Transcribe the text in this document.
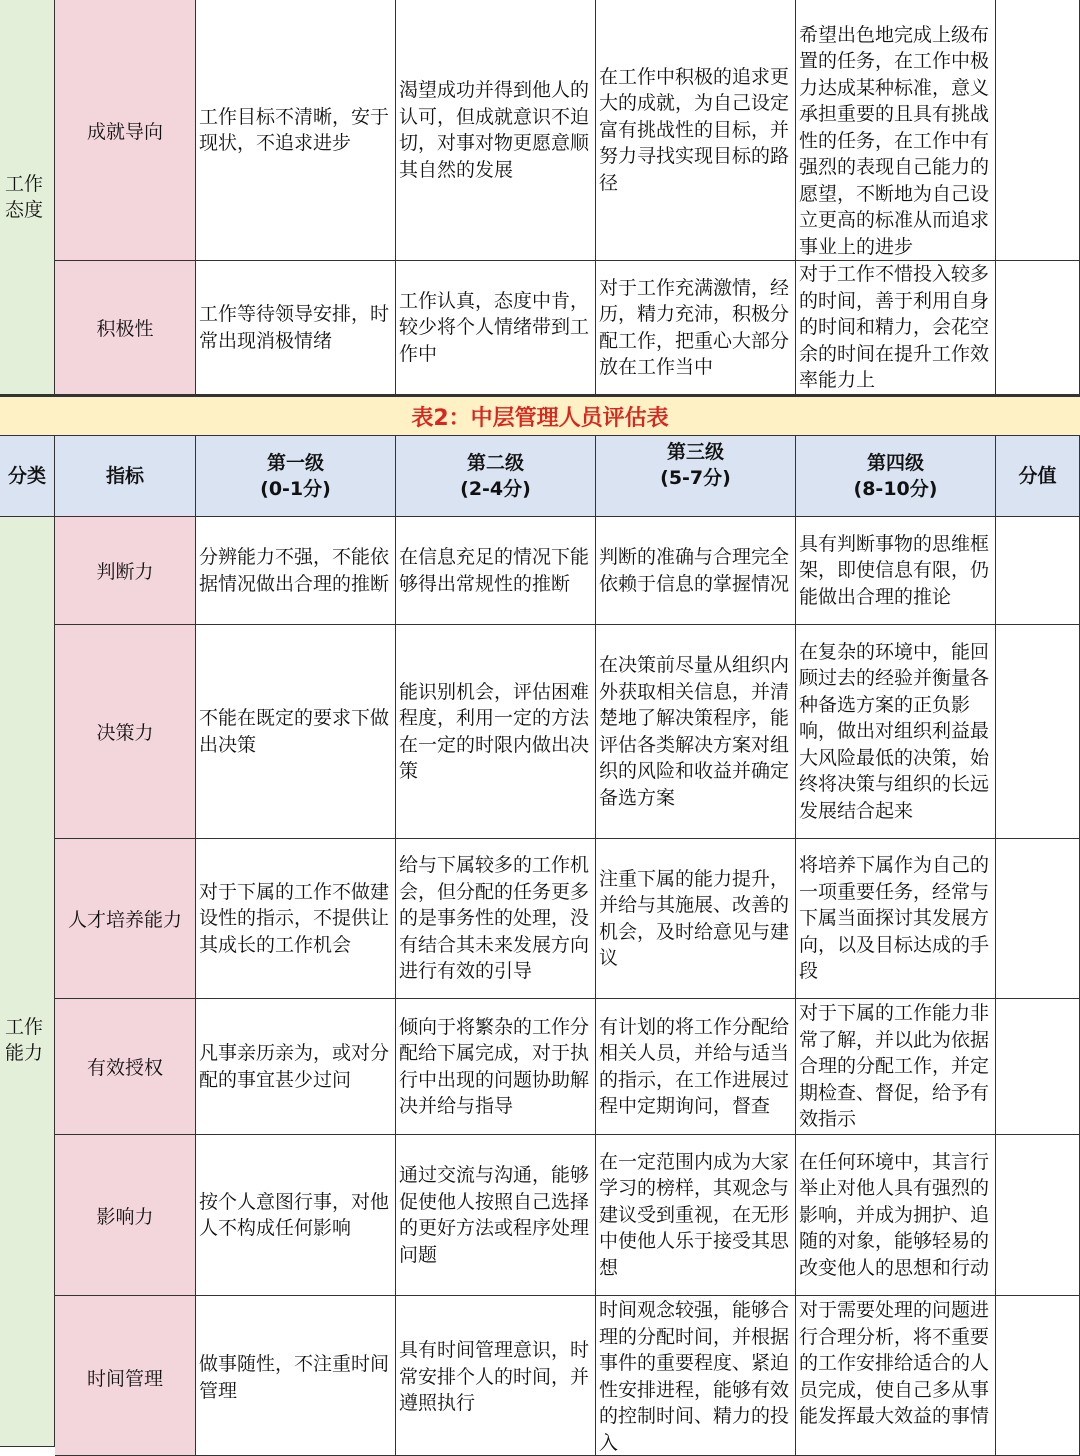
工作态度
成就导向
工作目标不清晰，安于现状，不追求进步
渴望成功并得到他人的认可，但成就意识不迫切，对事对物更愿意顺其自然的发展
在工作中积极的追求更大的成就，为自己设定富有挑战性的目标，并努力寻找实现目标的路径
希望出色地完成上级布置的任务，在工作中极力达成某种标准，意义承担重要的且具有挑战性的任务，在工作中有强烈的表现自己能力的愿望，不断地为自己设立更高的标准从而追求事业上的进步
积极性
工作等待领导安排，时常出现消极情绪
工作认真，态度中肯，较少将个人情绪带到工作中
对于工作充满激情，经历，精力充沛，积极分配工作，把重心大部分放在工作当中
对于工作不惜投入较多的时间，善于利用自身的时间和精力，会花空余的时间在提升工作效率能力上
表2：中层管理人员评估表
分类	指标
第一级
(0-1分)
第二级
(2-4分)
第三级
(5-7分)
第四级
(8-10分)
分值
工作能力
判断力
分辨能力不强，不能依据情况做出合理的推断
在信息充足的情况下能够得出常规性的推断
判断的准确与合理完全依赖于信息的掌握情况
具有判断事物的思维框架，即使信息有限，仍能做出合理的推论
决策力
不能在既定的要求下做出决策
能识别机会，评估困难程度，利用一定的方法在一定的时限内做出决策
在决策前尽量从组织内外获取相关信息，并清楚地了解决策程序，能评估各类解决方案对组织的风险和收益并确定备选方案
在复杂的环境中，能回顾过去的经验并衡量各种备选方案的正负影响，做出对组织利益最大风险最低的决策，始终将决策与组织的长远发展结合起来
人才培养能力
对于下属的工作不做建设性的指示，不提供让其成长的工作机会
给与下属较多的工作机会，但分配的任务更多的是事务性的处理，没有结合其未来发展方向进行有效的引导
注重下属的能力提升，并给与其施展、改善的机会，及时给意见与建议
将培养下属作为自己的一项重要任务，经常与下属当面探讨其发展方向，以及目标达成的手段
有效授权
凡事亲历亲为，或对分配的事宜甚少过问
倾向于将繁杂的工作分配给下属完成，对于执行中出现的问题协助解决并给与指导
有计划的将工作分配给相关人员，并给与适当的指示，在工作进展过程中定期询问，督查
对于下属的工作能力非常了解，并以此为依据合理的分配工作，并定期检查、督促，给予有效指示
影响力
按个人意图行事，对他人不构成任何影响
通过交流与沟通，能够促使他人按照自己选择的更好方法或程序处理问题
在一定范围内成为大家学习的榜样，其观念与建议受到重视，在无形中使他人乐于接受其思想
在任何环境中，其言行举止对他人具有强烈的影响，并成为拥护、追随的对象，能够轻易的改变他人的思想和行动
时间管理
做事随性，不注重时间管理
具有时间管理意识，时常安排个人的时间，并遵照执行
时间观念较强，能够合理的分配时间，并根据事件的重要程度、紧迫性安排进程，能够有效的控制时间、精力的投入
对于需要处理的问题进行合理分析，将不重要的工作安排给适合的人员完成，使自己多从事能发挥最大效益的事情
